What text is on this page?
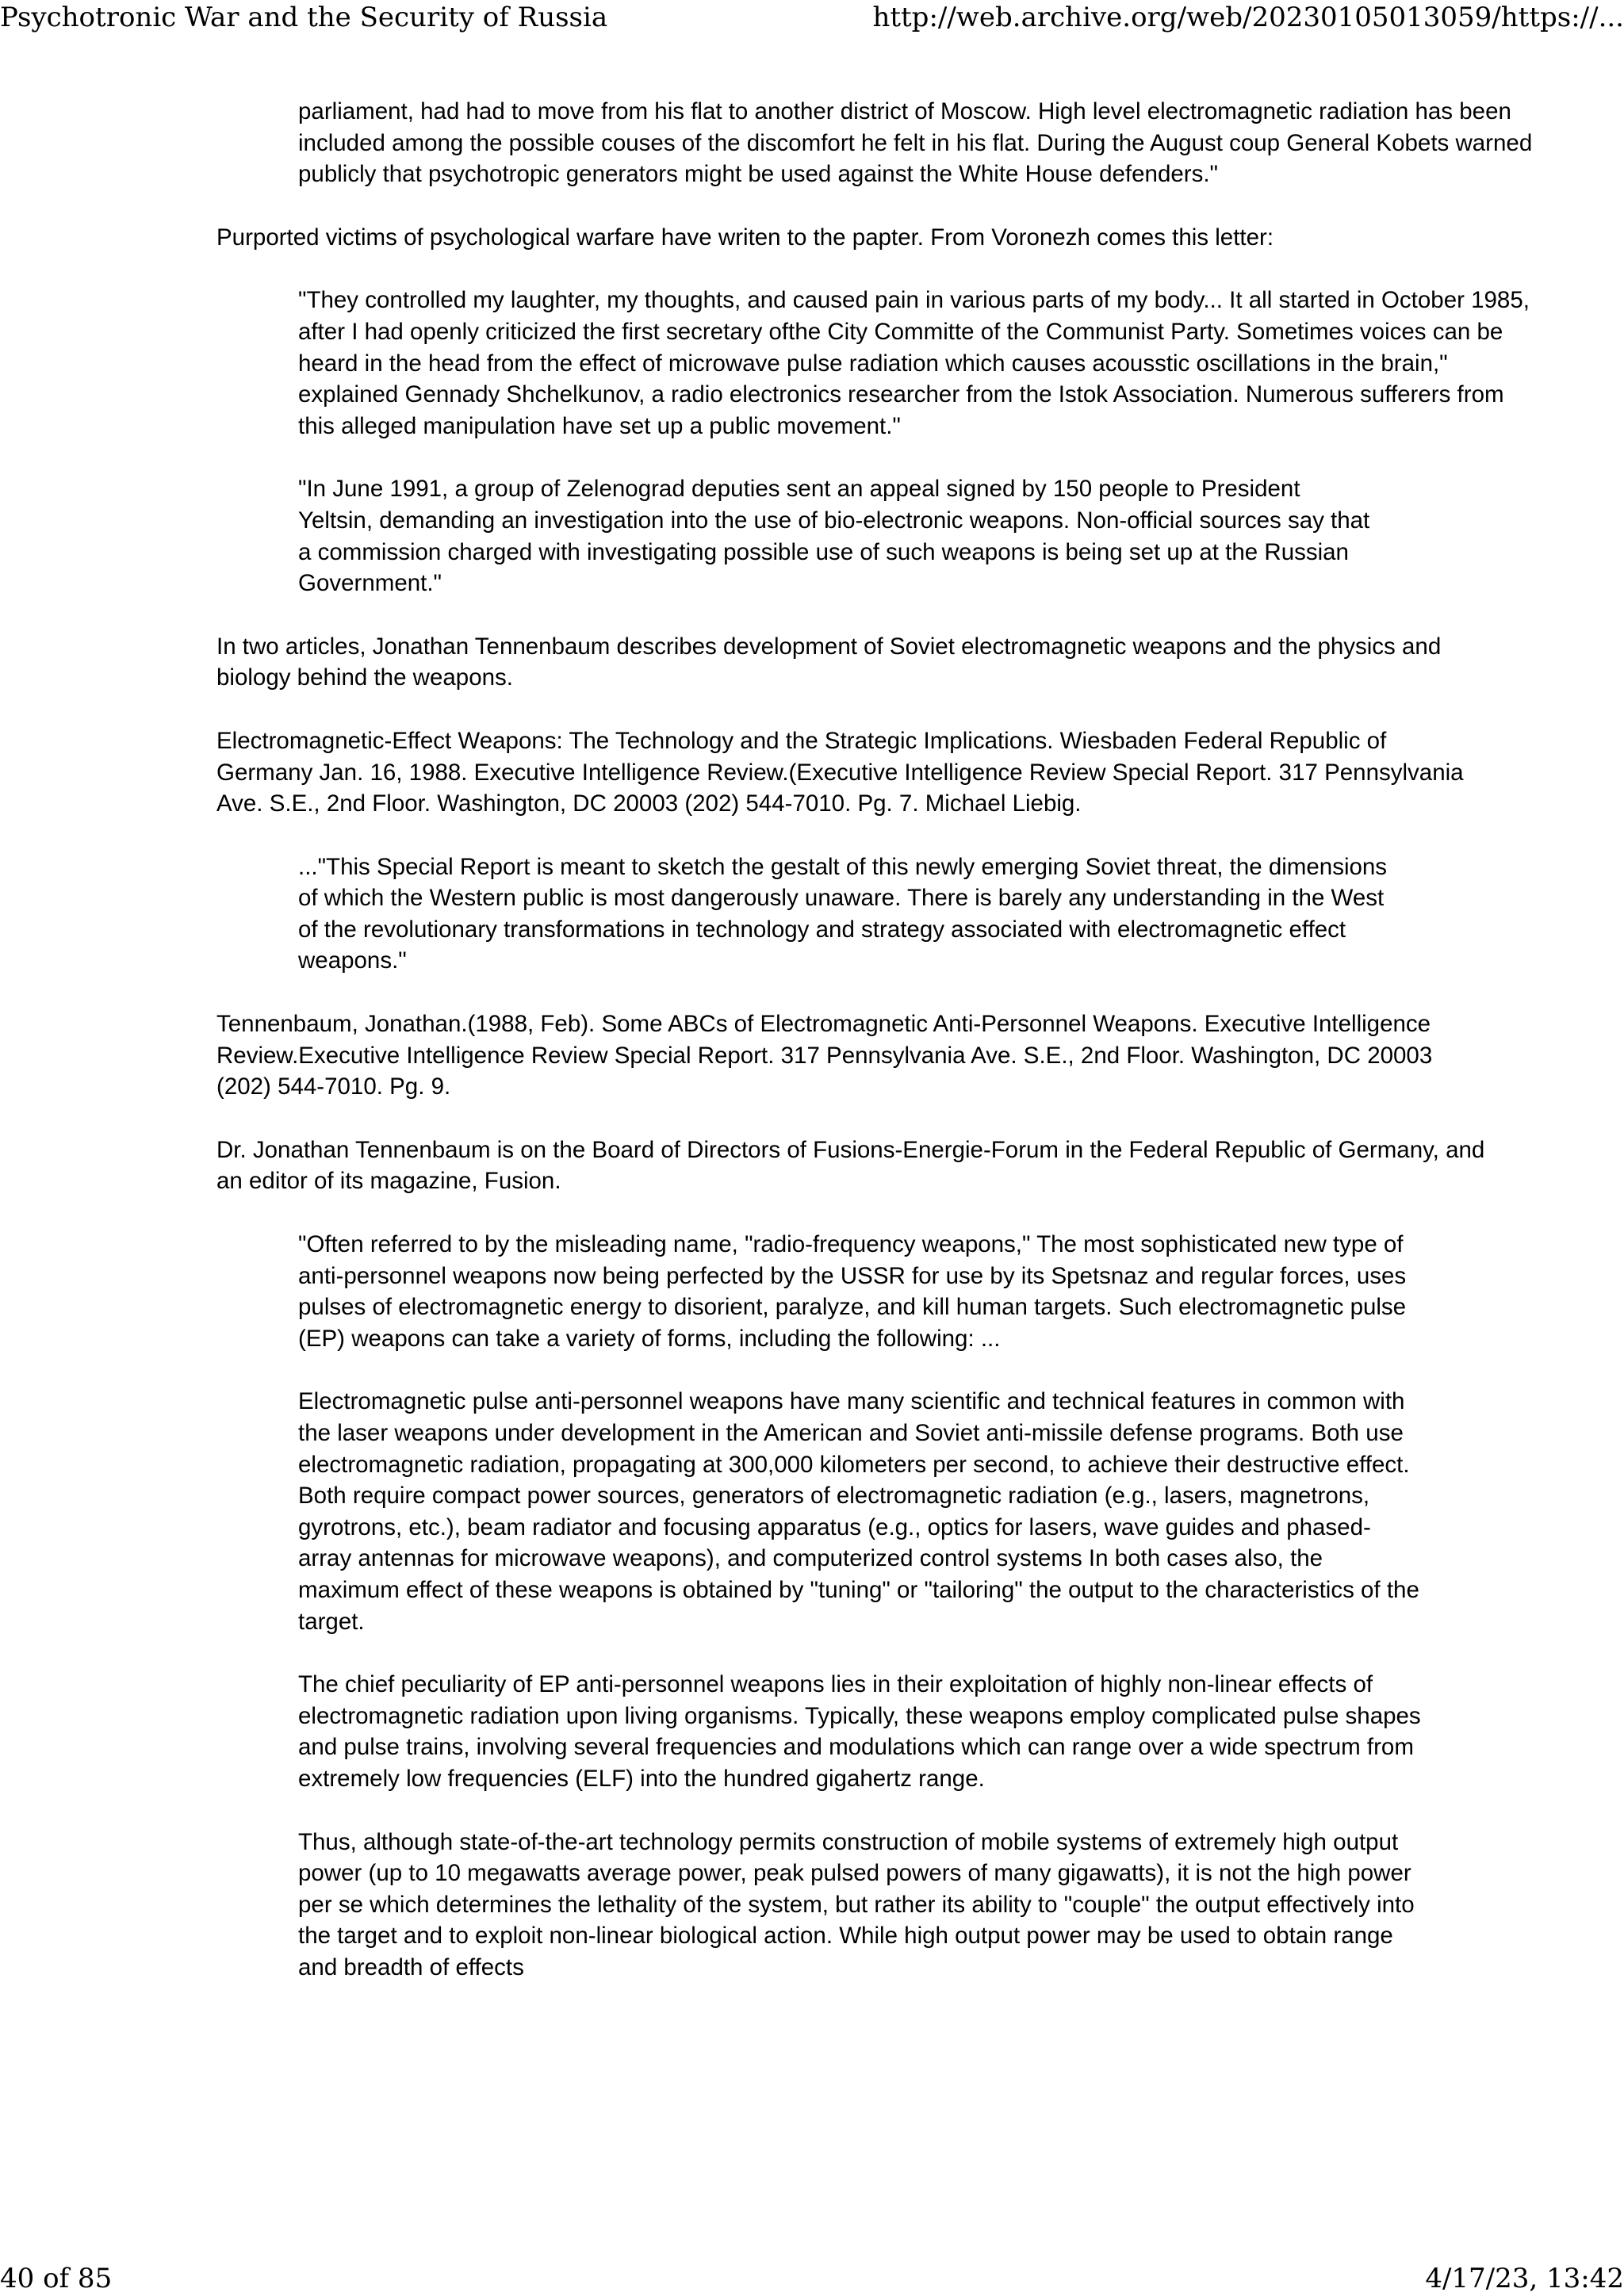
Psychotronic War and the Security of Russia	http://web.archive.org/web/20230105013059/https://...

parliament, had had to move from his flat to another district of Moscow. High level electromagnetic radiation has been included among the possible couses of the discomfort he felt in his flat. During the August coup General Kobets warned publicly that psychotropic generators might be used against the White House defenders."

Purported victims of psychological warfare have writen to the papter. From Voronezh comes this letter:

"They controlled my laughter, my thoughts, and caused pain in various parts of my body... It all started in October 1985, after I had openly criticized the first secretary ofthe City Committe of the Communist Party. Sometimes voices can be heard in the head from the effect of microwave pulse radiation which causes acousstic oscillations in the brain," explained Gennady Shchelkunov, a radio electronics researcher from the Istok Association. Numerous sufferers from this alleged manipulation have set up a public movement."

"In June 1991, a group of Zelenograd deputies sent an appeal signed by 150 people to President Yeltsin, demanding an investigation into the use of bio-electronic weapons. Non-official sources say that a commission charged with investigating possible use of such weapons is being set up at the Russian Government."

In two articles, Jonathan Tennenbaum describes development of Soviet electromagnetic weapons and the physics and biology behind the weapons.

Electromagnetic-Effect Weapons: The Technology and the Strategic Implications. Wiesbaden Federal Republic of Germany Jan. 16, 1988. Executive Intelligence Review.(Executive Intelligence Review Special Report. 317 Pennsylvania Ave. S.E., 2nd Floor. Washington, DC 20003 (202) 544-7010. Pg. 7. Michael Liebig.

..."This Special Report is meant to sketch the gestalt of this newly emerging Soviet threat, the dimensions of which the Western public is most dangerously unaware. There is barely any understanding in the West of the revolutionary transformations in technology and strategy associated with electromagnetic effect weapons."

Tennenbaum, Jonathan.(1988, Feb). Some ABCs of Electromagnetic Anti-Personnel Weapons. Executive Intelligence Review.Executive Intelligence Review Special Report. 317 Pennsylvania Ave. S.E., 2nd Floor. Washington, DC 20003 (202) 544-7010. Pg. 9.

Dr. Jonathan Tennenbaum is on the Board of Directors of Fusions-Energie-Forum in the Federal Republic of Germany, and an editor of its magazine, Fusion.

"Often referred to by the misleading name, "radio-frequency weapons," The most sophisticated new type of anti-personnel weapons now being perfected by the USSR for use by its Spetsnaz and regular forces, uses pulses of electromagnetic energy to disorient, paralyze, and kill human targets. Such electromagnetic pulse (EP) weapons can take a variety of forms, including the following: ...

Electromagnetic pulse anti-personnel weapons have many scientific and technical features in common with the laser weapons under development in the American and Soviet anti-missile defense programs. Both use electromagnetic radiation, propagating at 300,000 kilometers per second, to achieve their destructive effect. Both require compact power sources, generators of electromagnetic radiation (e.g., lasers, magnetrons, gyrotrons, etc.), beam radiator and focusing apparatus (e.g., optics for lasers, wave guides and phased-array antennas for microwave weapons), and computerized control systems In both cases also, the maximum effect of these weapons is obtained by "tuning" or "tailoring" the output to the characteristics of the target.

The chief peculiarity of EP anti-personnel weapons lies in their exploitation of highly non-linear effects of electromagnetic radiation upon living organisms. Typically, these weapons employ complicated pulse shapes and pulse trains, involving several frequencies and modulations which can range over a wide spectrum from extremely low frequencies (ELF) into the hundred gigahertz range.

Thus, although state-of-the-art technology permits construction of mobile systems of extremely high output power (up to 10 megawatts average power, peak pulsed powers of many gigawatts), it is not the high power per se which determines the lethality of the system, but rather its ability to "couple" the output effectively into the target and to exploit non-linear biological action. While high output power may be used to obtain range and breadth of effects

40 of 85	4/17/23, 13:42
